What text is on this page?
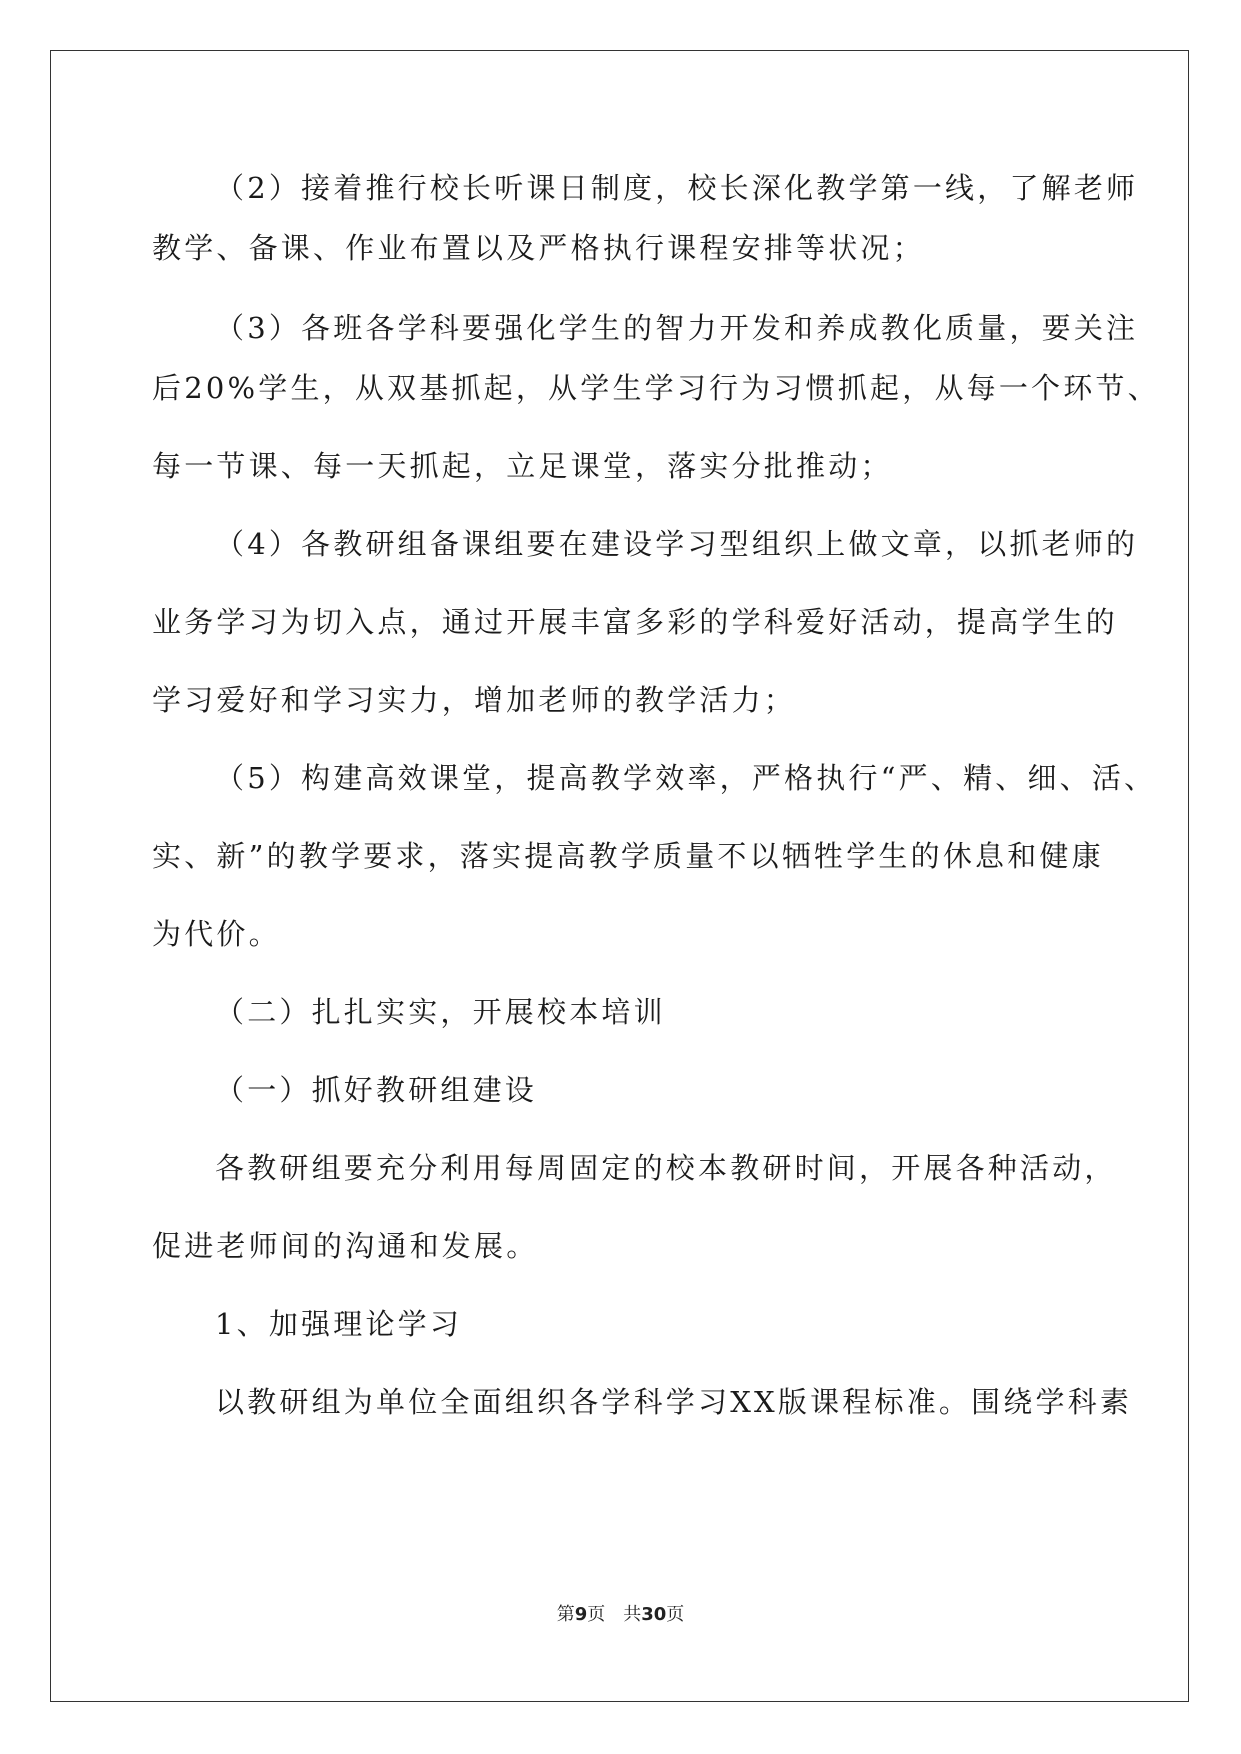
（2）接着推行校长听课日制度，校长深化教学第一线，了解老师
教学、备课、作业布置以及严格执行课程安排等状况；
（3）各班各学科要强化学生的智力开发和养成教化质量，要关注
后20%学生，从双基抓起，从学生学习行为习惯抓起，从每一个环节、
每一节课、每一天抓起，立足课堂，落实分批推动；
（4）各教研组备课组要在建设学习型组织上做文章，以抓老师的
业务学习为切入点，通过开展丰富多彩的学科爱好活动，提高学生的
学习爱好和学习实力，增加老师的教学活力；
（5）构建高效课堂，提高教学效率，严格执行“严、精、细、活、
实、新”的教学要求，落实提高教学质量不以牺牲学生的休息和健康
为代价。
（二）扎扎实实，开展校本培训
（一）抓好教研组建设
各教研组要充分利用每周固定的校本教研时间，开展各种活动，
促进老师间的沟通和发展。
1、加强理论学习
以教研组为单位全面组织各学科学习XX版课程标准。围绕学科素
第9页　共30页
